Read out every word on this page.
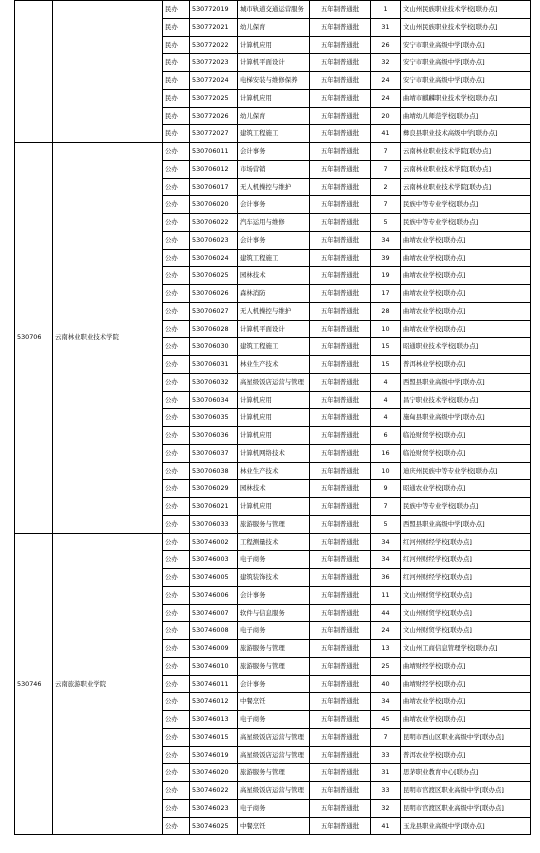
		民办	530772019	城市轨道交通运营服务	五年制普通批	1	文山州民族职业技术学校[联办点]
		民办	530772021	幼儿保育	五年制普通批	31	文山州民族职业技术学校[联办点]
		民办	530772022	计算机应用	五年制普通批	26	安宁市职业高级中学[联办点]
		民办	530772023	计算机平面设计	五年制普通批	32	安宁市职业高级中学[联办点]
		民办	530772024	电梯安装与维修保养	五年制普通批	24	安宁市职业高级中学[联办点]
		民办	530772025	计算机应用	五年制普通批	24	曲靖市麒麟职业技术学校[联办点]
		民办	530772026	幼儿保育	五年制普通批	20	曲靖幼儿师范学校[联办点]
		民办	530772027	建筑工程施工	五年制普通批	41	彝良县职业技术高级中学[联办点]
530706	云南林业职业技术学院	公办	530706011	会计事务	五年制普通批	7	云南林业职业技术学院[联办点]
		公办	530706012	市场营销	五年制普通批	7	云南林业职业技术学院[联办点]
		公办	530706017	无人机操控与维护	五年制普通批	2	云南林业职业技术学院[联办点]
		公办	530706020	会计事务	五年制普通批	7	民族中等专业学校[联办点]
		公办	530706022	汽车运用与维修	五年制普通批	5	民族中等专业学校[联办点]
		公办	530706023	会计事务	五年制普通批	34	曲靖农业学校[联办点]
		公办	530706024	建筑工程施工	五年制普通批	39	曲靖农业学校[联办点]
		公办	530706025	园林技术	五年制普通批	19	曲靖农业学校[联办点]
		公办	530706026	森林消防	五年制普通批	17	曲靖农业学校[联办点]
		公办	530706027	无人机操控与维护	五年制普通批	28	曲靖农业学校[联办点]
		公办	530706028	计算机平面设计	五年制普通批	10	曲靖农业学校[联办点]
		公办	530706030	建筑工程施工	五年制普通批	15	昭通职业技术学校[联办点]
		公办	530706031	林业生产技术	五年制普通批	15	普洱林业学校[联办点]
		公办	530706032	高星级饭店运营与管理	五年制普通批	4	西盟县职业高级中学[联办点]
		公办	530706034	计算机应用	五年制普通批	4	昌宁职业技术学校[联办点]
		公办	530706035	计算机应用	五年制普通批	4	施甸县职业高级中学[联办点]
		公办	530706036	计算机应用	五年制普通批	6	临沧财贸学校[联办点]
		公办	530706037	计算机网络技术	五年制普通批	16	临沧财贸学校[联办点]
		公办	530706038	林业生产技术	五年制普通批	10	迪庆州民族中等专业学校[联办点]
		公办	530706029	园林技术	五年制普通批	9	昭通农业学校[联办点]
		公办	530706021	计算机应用	五年制普通批	7	民族中等专业学校[联办点]
		公办	530706033	旅游服务与管理	五年制普通批	5	西盟县职业高级中学[联办点]
530746	云南旅游职业学院	公办	530746002	工程测量技术	五年制普通批	34	红河州财经学校[联办点]
		公办	530746003	电子商务	五年制普通批	34	红河州财经学校[联办点]
		公办	530746005	建筑装饰技术	五年制普通批	36	红河州财经学校[联办点]
		公办	530746006	会计事务	五年制普通批	11	文山州财贸学校[联办点]
		公办	530746007	软件与信息服务	五年制普通批	44	文山州财贸学校[联办点]
		公办	530746008	电子商务	五年制普通批	24	文山州财贸学校[联办点]
		公办	530746009	旅游服务与管理	五年制普通批	13	文山州工商信息管理学校[联办点]
		公办	530746010	旅游服务与管理	五年制普通批	25	曲靖财经学校[联办点]
		公办	530746011	会计事务	五年制普通批	40	曲靖财经学校[联办点]
		公办	530746012	中餐烹饪	五年制普通批	34	曲靖农业学校[联办点]
		公办	530746013	电子商务	五年制普通批	45	曲靖农业学校[联办点]
		公办	530746015	高星级饭店运营与管理	五年制普通批	7	昆明市西山区职业高级中学[联办点]
		公办	530746019	高星级饭店运营与管理	五年制普通批	33	普洱农业学校[联办点]
		公办	530746020	旅游服务与管理	五年制普通批	31	思茅职业教育中心[联办点]
		公办	530746022	高星级饭店运营与管理	五年制普通批	33	昆明市官渡区职业高级中学[联办点]
		公办	530746023	电子商务	五年制普通批	32	昆明市官渡区职业高级中学[联办点]
		公办	530746025	中餐烹饪	五年制普通批	41	玉龙县职业高级中学[联办点]
